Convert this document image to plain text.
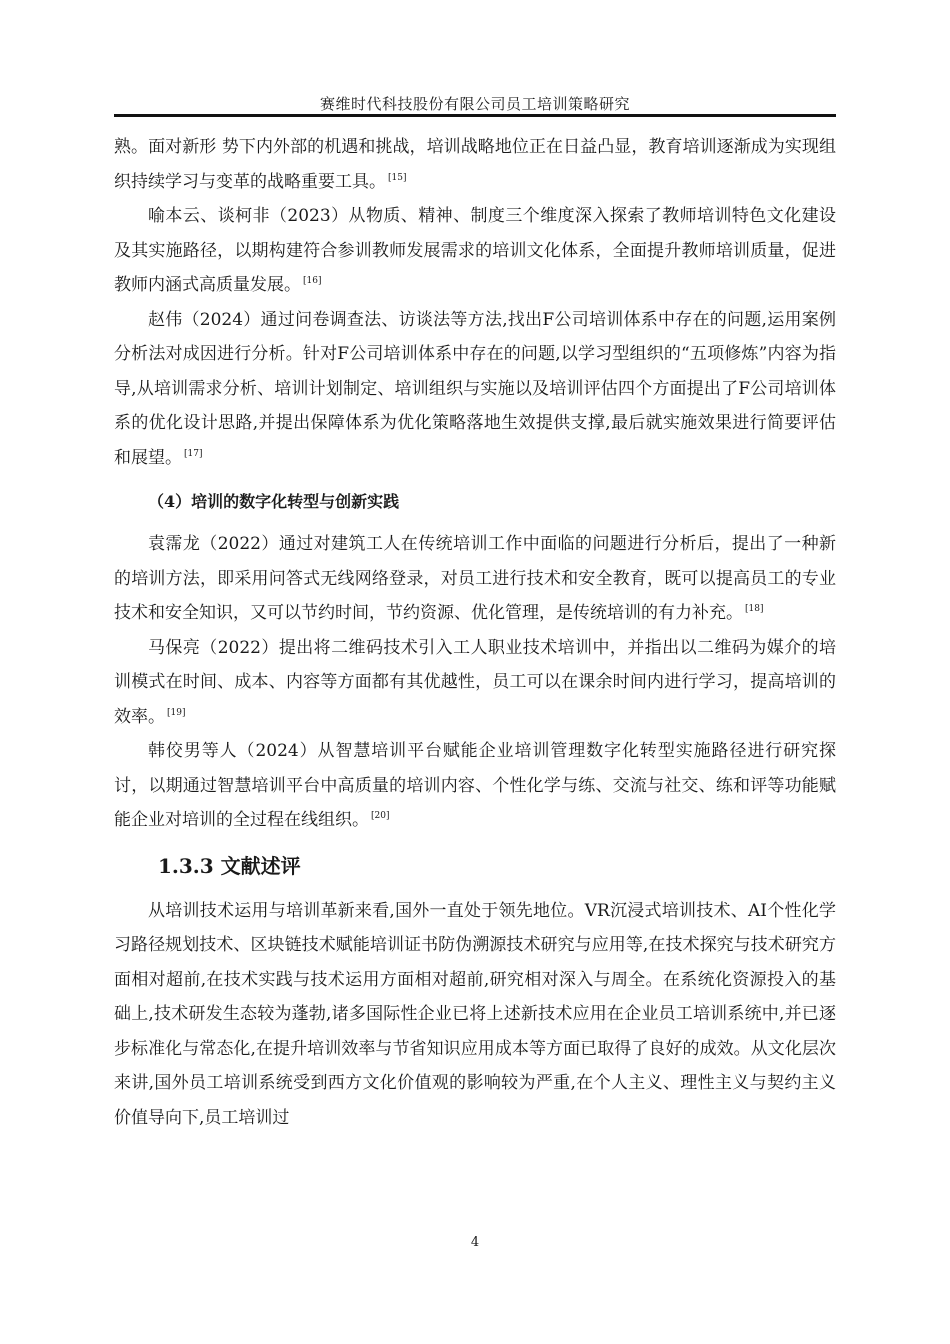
赛维时代科技股份有限公司员工培训策略研究

熟。面对新形 势下内外部的机遇和挑战，培训战略地位正在日益凸显，教育培训逐渐成为实现组织持续学习与变革的战略重要工具。 [15]

喻本云、谈柯非（2023）从物质、精神、制度三个维度深入探索了教师培训特色文化建设及其实施路径，以期构建符合参训教师发展需求的培训文化体系，全面提升教师培训质量，促进教师内涵式高质量发展。 [16]

赵伟（2024）通过问卷调查法、访谈法等方法,找出F公司培训体系中存在的问题,运用案例分析法对成因进行分析。针对F公司培训体系中存在的问题,以学习型组织的“五项修炼”内容为指导,从培训需求分析、培训计划制定、培训组织与实施以及培训评估四个方面提出了F公司培训体系的优化设计思路,并提出保障体系为优化策略落地生效提供支撑,最后就实施效果进行简要评估和展望。 [17]

（4）培训的数字化转型与创新实践

袁霈龙（2022）通过对建筑工人在传统培训工作中面临的问题进行分析后，提出了一种新的培训方法，即采用问答式无线网络登录，对员工进行技术和安全教育，既可以提高员工的专业技术和安全知识，又可以节约时间，节约资源、优化管理，是传统培训的有力补充。 [18]

马保亮（2022）提出将二维码技术引入工人职业技术培训中，并指出以二维码为媒介的培训模式在时间、成本、内容等方面都有其优越性，员工可以在课余时间内进行学习，提高培训的效率。 [19]

韩佼男等人（2024）从智慧培训平台赋能企业培训管理数字化转型实施路径进行研究探讨，以期通过智慧培训平台中高质量的培训内容、个性化学与练、交流与社交、练和评等功能赋能企业对培训的全过程在线组织。 [20]

1.3.3 文献述评

从培训技术运用与培训革新来看,国外一直处于领先地位。VR沉浸式培训技术、AI个性化学习路径规划技术、区块链技术赋能培训证书防伪溯源技术研究与应用等,在技术探究与技术研究方面相对超前,在技术实践与技术运用方面相对超前,研究相对深入与周全。在系统化资源投入的基础上,技术研发生态较为蓬勃,诸多国际性企业已将上述新技术应用在企业员工培训系统中,并已逐步标准化与常态化,在提升培训效率与节省知识应用成本等方面已取得了良好的成效。从文化层次来讲,国外员工培训系统受到西方文化价值观的影响较为严重,在个人主义、理性主义与契约主义价值导向下,员工培训过

4
